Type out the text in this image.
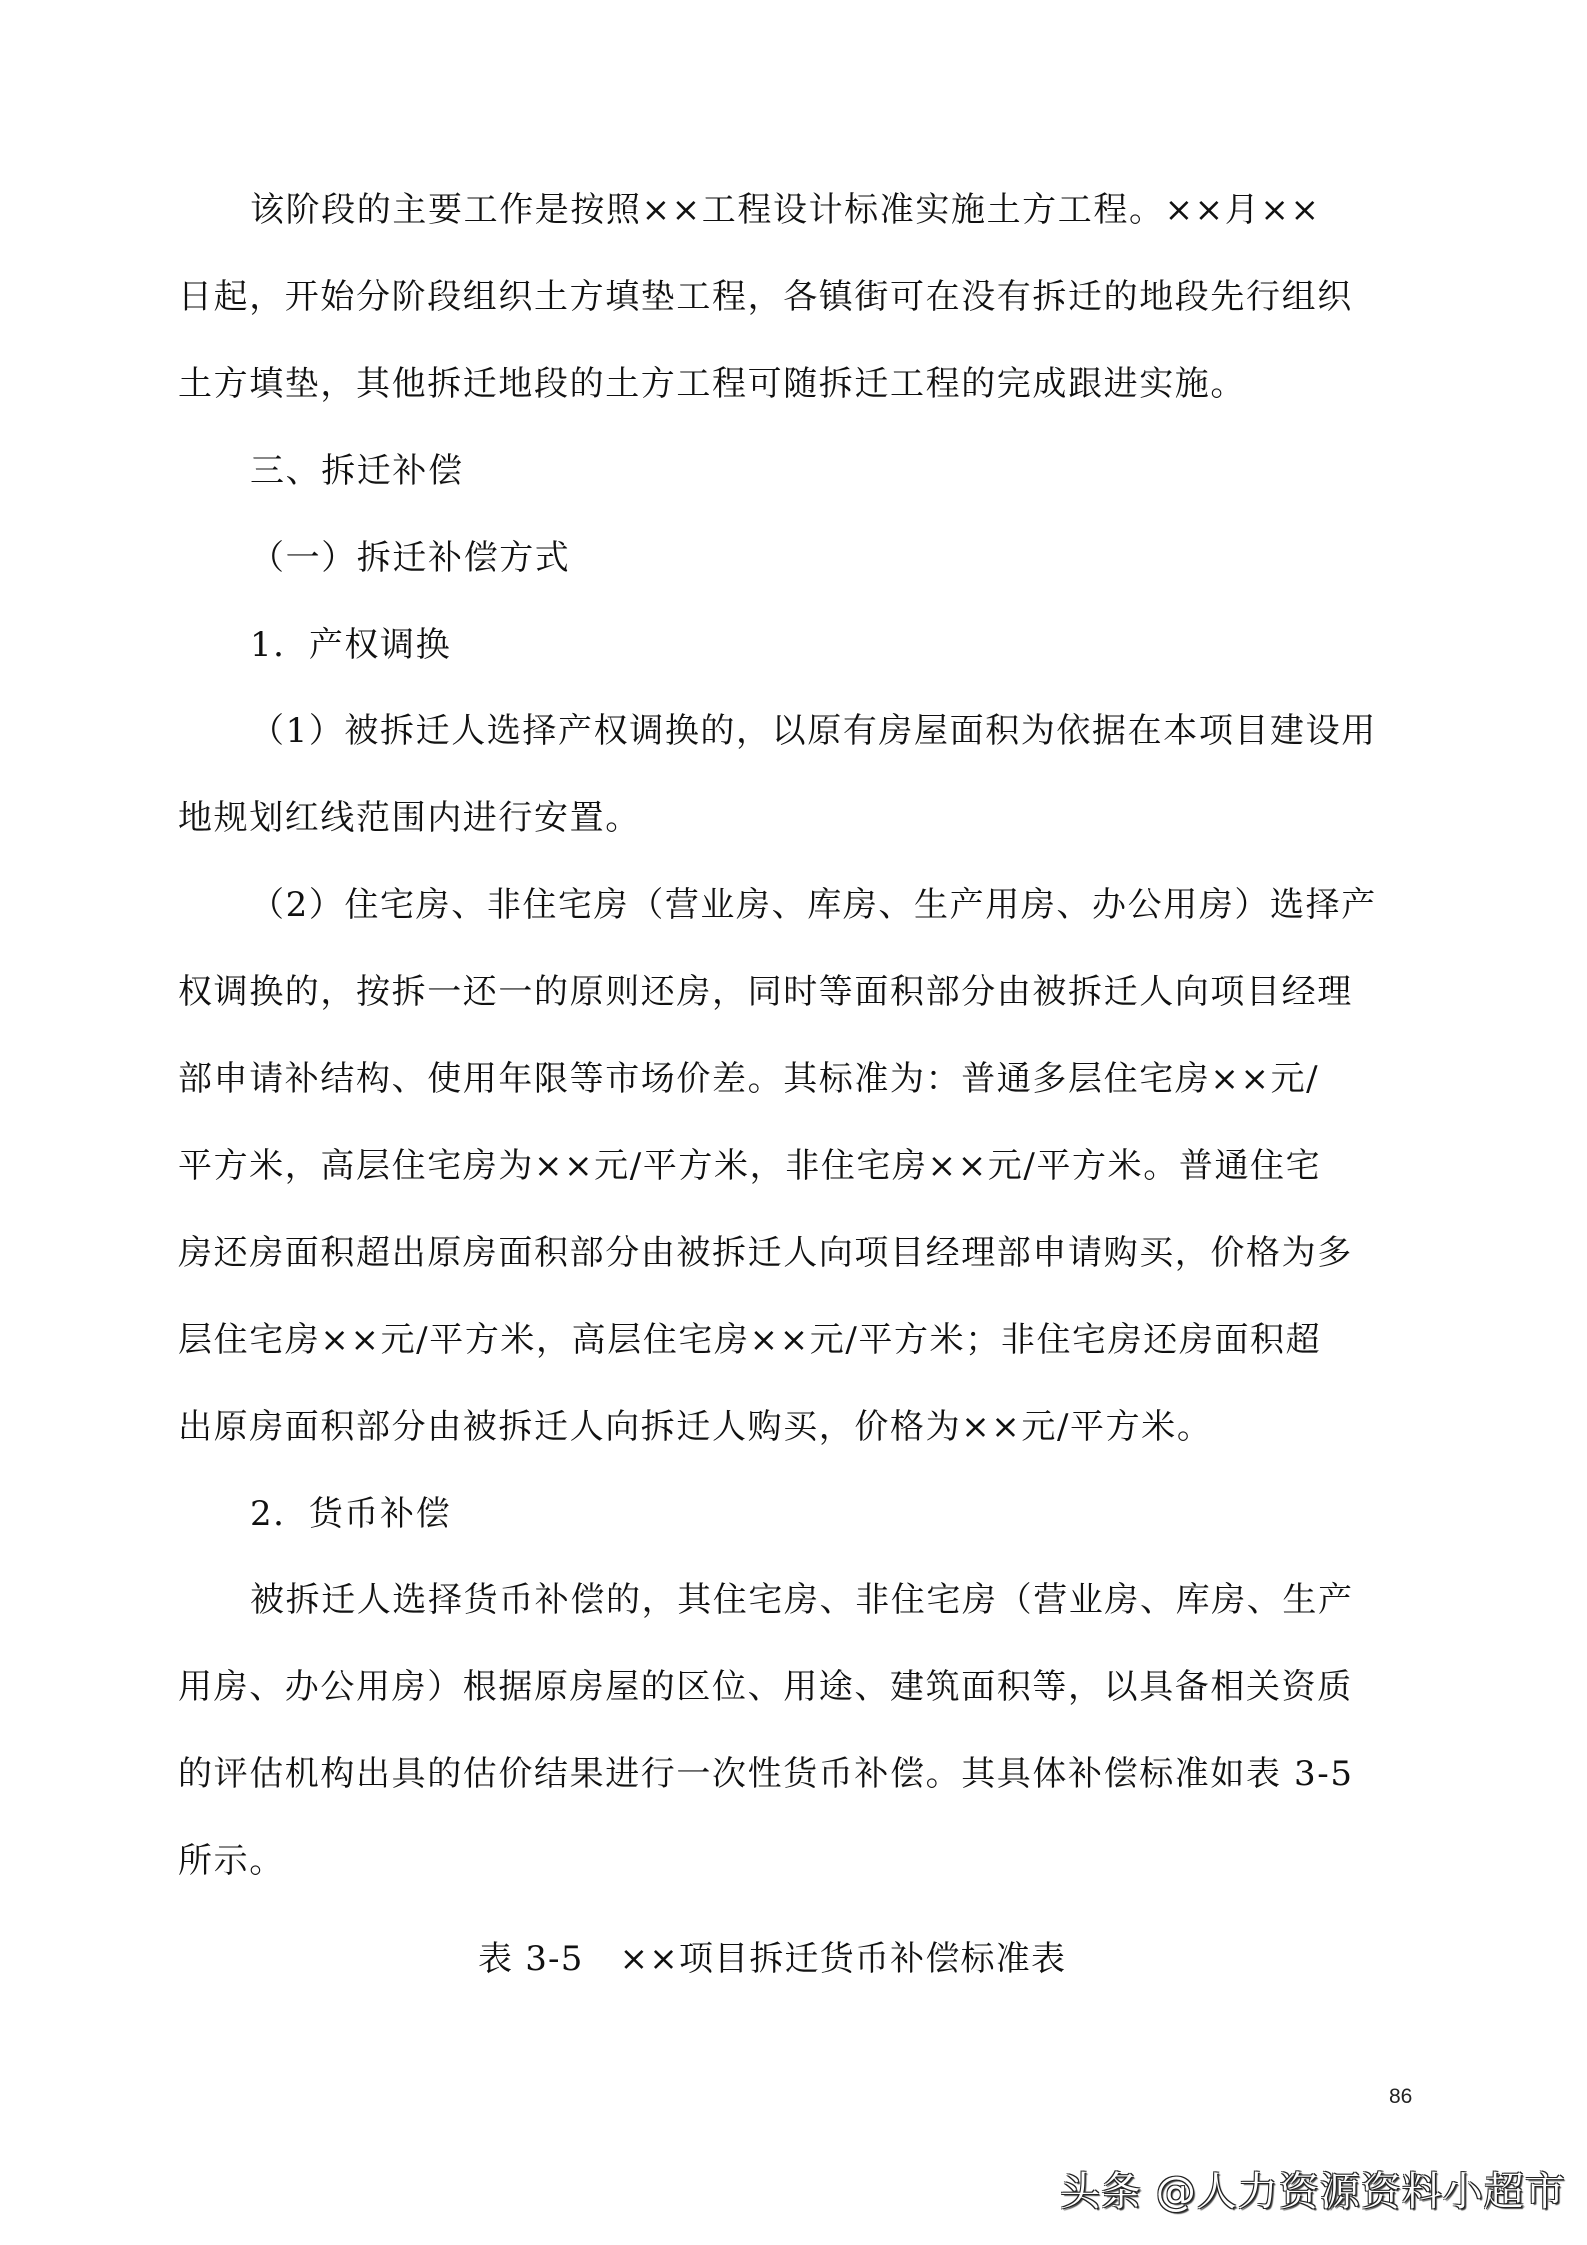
该阶段的主要工作是按照××工程设计标准实施土方工程。××月××
日起，开始分阶段组织土方填垫工程，各镇街可在没有拆迁的地段先行组织
土方填垫，其他拆迁地段的土方工程可随拆迁工程的完成跟进实施。
三、拆迁补偿
（一）拆迁补偿方式
1．产权调换
（1）被拆迁人选择产权调换的，以原有房屋面积为依据在本项目建设用
地规划红线范围内进行安置。
（2）住宅房、非住宅房（营业房、库房、生产用房、办公用房）选择产
权调换的，按拆一还一的原则还房，同时等面积部分由被拆迁人向项目经理
部申请补结构、使用年限等市场价差。其标准为：普通多层住宅房××元/
平方米，高层住宅房为××元/平方米，非住宅房××元/平方米。普通住宅
房还房面积超出原房面积部分由被拆迁人向项目经理部申请购买，价格为多
层住宅房××元/平方米，高层住宅房××元/平方米；非住宅房还房面积超
出原房面积部分由被拆迁人向拆迁人购买，价格为××元/平方米。
2．货币补偿
被拆迁人选择货币补偿的，其住宅房、非住宅房（营业房、库房、生产
用房、办公用房）根据原房屋的区位、用途、建筑面积等，以具备相关资质
的评估机构出具的估价结果进行一次性货币补偿。其具体补偿标准如表 3-5
所示。
表 3-5   ××项目拆迁货币补偿标准表
86
头条 @人力资源资料小超市
